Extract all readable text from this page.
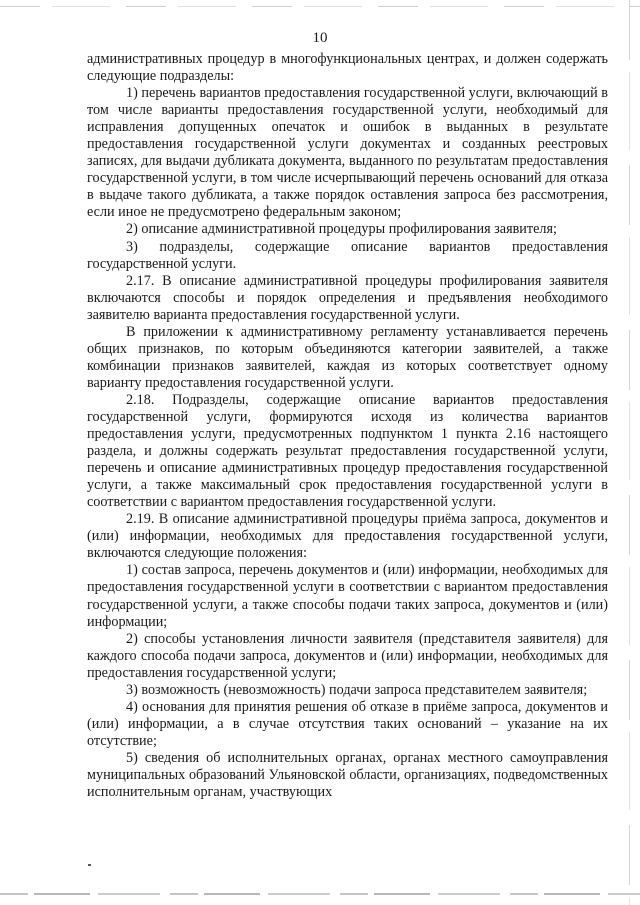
10

административных процедур в многофункциональных центрах, и должен содержать следующие подразделы:

1) перечень вариантов предоставления государственной услуги, включающий в том числе варианты предоставления государственной услуги, необходимый для исправления допущенных опечаток и ошибок в выданных в результате предоставления государственной услуги документах и созданных реестровых записях, для выдачи дубликата документа, выданного по результатам предоставления государственной услуги, в том числе исчерпывающий перечень оснований для отказа в выдаче такого дубликата, а также порядок оставления запроса без рассмотрения, если иное не предусмотрено федеральным законом;

2) описание административной процедуры профилирования заявителя;

3) подразделы, содержащие описание вариантов предоставления государственной услуги.

2.17. В описание административной процедуры профилирования заявителя включаются способы и порядок определения и предъявления необходимого заявителю варианта предоставления государственной услуги.

В приложении к административному регламенту устанавливается перечень общих признаков, по которым объединяются категории заявителей, а также комбинации признаков заявителей, каждая из которых соответствует одному варианту предоставления государственной услуги.

2.18. Подразделы, содержащие описание вариантов предоставления государственной услуги, формируются исходя из количества вариантов предоставления услуги, предусмотренных подпунктом 1 пункта 2.16 настоящего раздела, и должны содержать результат предоставления государственной услуги, перечень и описание административных процедур предоставления государственной услуги, а также максимальный срок предоставления государственной услуги в соответствии с вариантом предоставления государственной услуги.

2.19. В описание административной процедуры приёма запроса, документов и (или) информации, необходимых для предоставления государственной услуги, включаются следующие положения:

1) состав запроса, перечень документов и (или) информации, необходимых для предоставления государственной услуги в соответствии с вариантом предоставления государственной услуги, а также способы подачи таких запроса, документов и (или) информации;

2) способы установления личности заявителя (представителя заявителя) для каждого способа подачи запроса, документов и (или) информации, необходимых для предоставления государственной услуги;

3) возможность (невозможность) подачи запроса представителем заявителя;

4) основания для принятия решения об отказе в приёме запроса, документов и (или) информации, а в случае отсутствия таких оснований – указание на их отсутствие;

5) сведения об исполнительных органах, органах местного самоуправления муниципальных образований Ульяновской области, организациях, подведомственных исполнительным органам, участвующих
